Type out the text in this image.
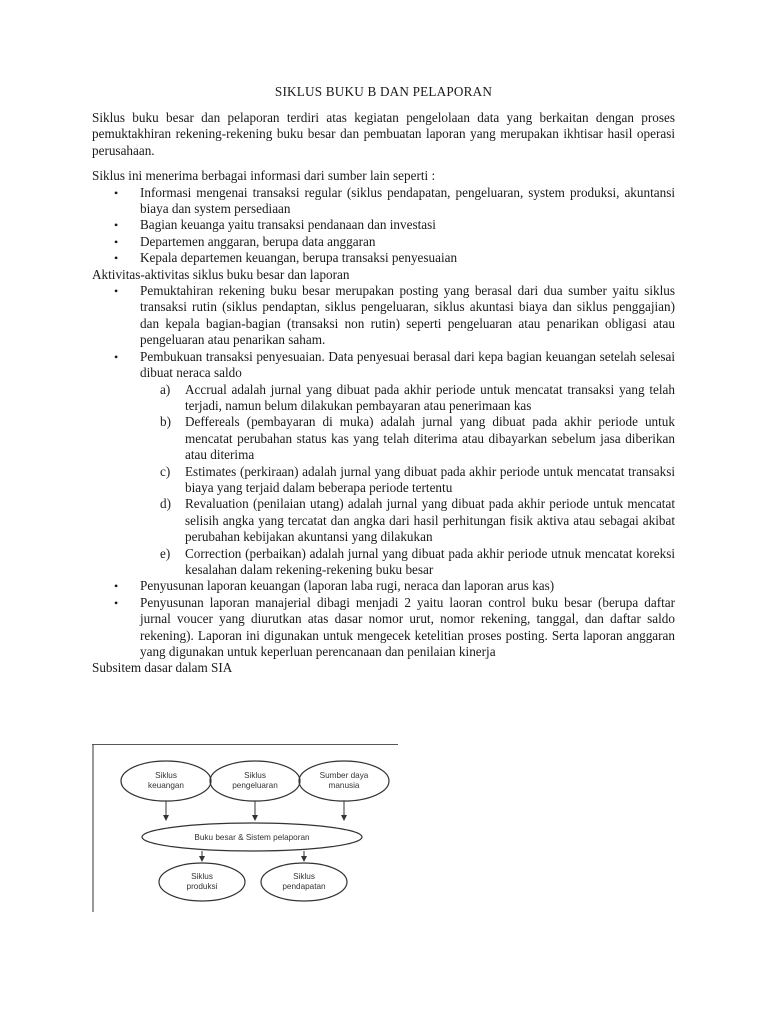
SIKLUS BUKU B DAN PELAPORAN

Siklus buku besar dan pelaporan terdiri atas kegiatan pengelolaan data yang berkaitan dengan proses pemuktakhiran rekening-rekening buku besar dan pembuatan laporan yang merupakan ikhtisar hasil operasi perusahaan.

Siklus ini menerima berbagai informasi dari sumber lain seperti :

• Informasi mengenai transaksi regular (siklus pendapatan, pengeluaran, system produksi, akuntansi biaya dan system persediaan
• Bagian keuanga yaitu transaksi pendanaan dan investasi
• Departemen anggaran, berupa data anggaran
• Kepala departemen keuangan, berupa transaksi penyesuaian

Aktivitas-aktivitas siklus buku besar dan laporan

• Pemuktahiran rekening buku besar merupakan posting yang berasal dari dua sumber yaitu siklus transaksi rutin (siklus pendaptan, siklus pengeluaran, siklus akuntasi biaya dan siklus penggajian) dan kepala bagian-bagian (transaksi non rutin) seperti pengeluaran atau penarikan obligasi atau pengeluaran atau penarikan saham.
• Pembukuan transaksi penyesuaian. Data penyesuai berasal dari kepa bagian keuangan setelah selesai dibuat neraca saldo
a) Accrual adalah jurnal yang dibuat pada akhir periode untuk mencatat transaksi yang telah terjadi, namun belum dilakukan pembayaran atau penerimaan kas
b) Deffereals (pembayaran di muka) adalah jurnal yang dibuat pada akhir periode untuk mencatat perubahan status kas yang telah diterima atau dibayarkan sebelum jasa diberikan atau diterima
c) Estimates (perkiraan) adalah jurnal yang dibuat pada akhir periode untuk mencatat transaksi biaya yang terjaid dalam beberapa periode tertentu
d) Revaluation (penilaian utang) adalah jurnal yang dibuat pada akhir periode untuk mencatat selisih angka yang tercatat dan angka dari hasil perhitungan fisik aktiva atau sebagai akibat perubahan kebijakan akuntansi yang dilakukan
e) Correction (perbaikan) adalah jurnal yang dibuat pada akhir periode utnuk mencatat koreksi kesalahan dalam rekening-rekening buku besar
• Penyusunan laporan keuangan (laporan laba rugi, neraca dan laporan arus kas)
• Penyusunan laporan manajerial dibagi menjadi 2 yaitu laoran control buku besar (berupa daftar jurnal voucer yang diurutkan atas dasar nomor urut, nomor rekening, tanggal, dan daftar saldo rekening). Laporan ini digunakan untuk mengecek ketelitian proses posting. Serta laporan anggaran yang digunakan untuk keperluan perencanaan dan penilaian kinerja

Subsitem dasar dalam SIA

Siklus
keuangan
Siklus
pengeluaran
Sumber daya
manusia
Buku besar & Sistem pelaporan
Siklus
produksi
Siklus
pendapatan
